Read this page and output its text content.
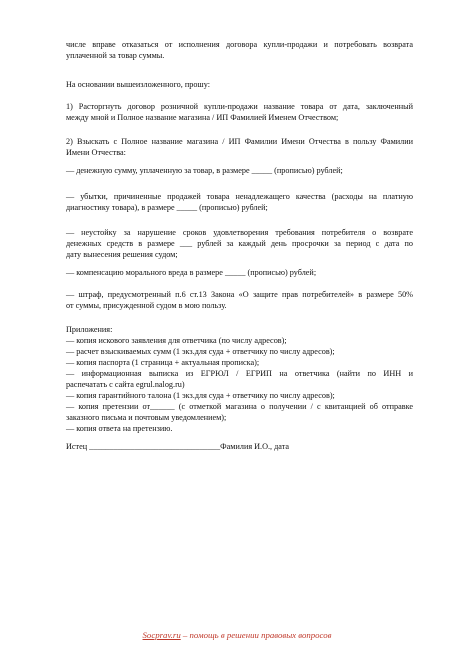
числе вправе отказаться от исполнения договора купли-продажи и потребовать возврата
уплаченной за товар суммы.
На основании вышеизложенного, прошу:
1) Расторгнуть договор розничной купли-продажи название товара от дата, заключенный
между мной и Полное название магазина / ИП Фамилией Именем Отчеством;
2) Взыскать с Полное название магазина / ИП Фамилии Имени Отчества в пользу Фамилии
Имени Отчества:
— денежную сумму, уплаченную за товар, в размере _____ (прописью) рублей;
— убытки, причиненные продажей товара ненадлежащего качества (расходы на платную
диагностику товара), в размере _____ (прописью) рублей;
— неустойку за нарушение сроков удовлетворения требования потребителя о возврате
денежных средств в размере ___ рублей за каждый день просрочки за период с дата по
дату вынесения решения судом;
— компенсацию морального вреда в размере _____ (прописью) рублей;
— штраф, предусмотренный п.6 ст.13 Закона «О защите прав потребителей» в размере 50%
от суммы, присужденной судом в мою пользу.
Приложения:
— копия искового заявления для ответчика (по числу адресов);
— расчет взыскиваемых сумм (1 экз.для суда + ответчику по числу адресов);
— копия паспорта (1 страница + актуальная прописка);
— информационная выписка из ЕГРЮЛ / ЕГРИП на ответчика (найти по ИНН и
распечатать с сайта egrul.nalog.ru)
— копия гарантийного талона (1 экз.для суда + ответчику по числу адресов);
— копия претензии от______ (с отметкой магазина о получении / с квитанцией об отправке
заказного письма и почтовым уведомлением);
— копия ответа на претензию.
Истец ________________________________Фамилия И.О., дата
Socprav.ru – помощь в решении правовых вопросов
